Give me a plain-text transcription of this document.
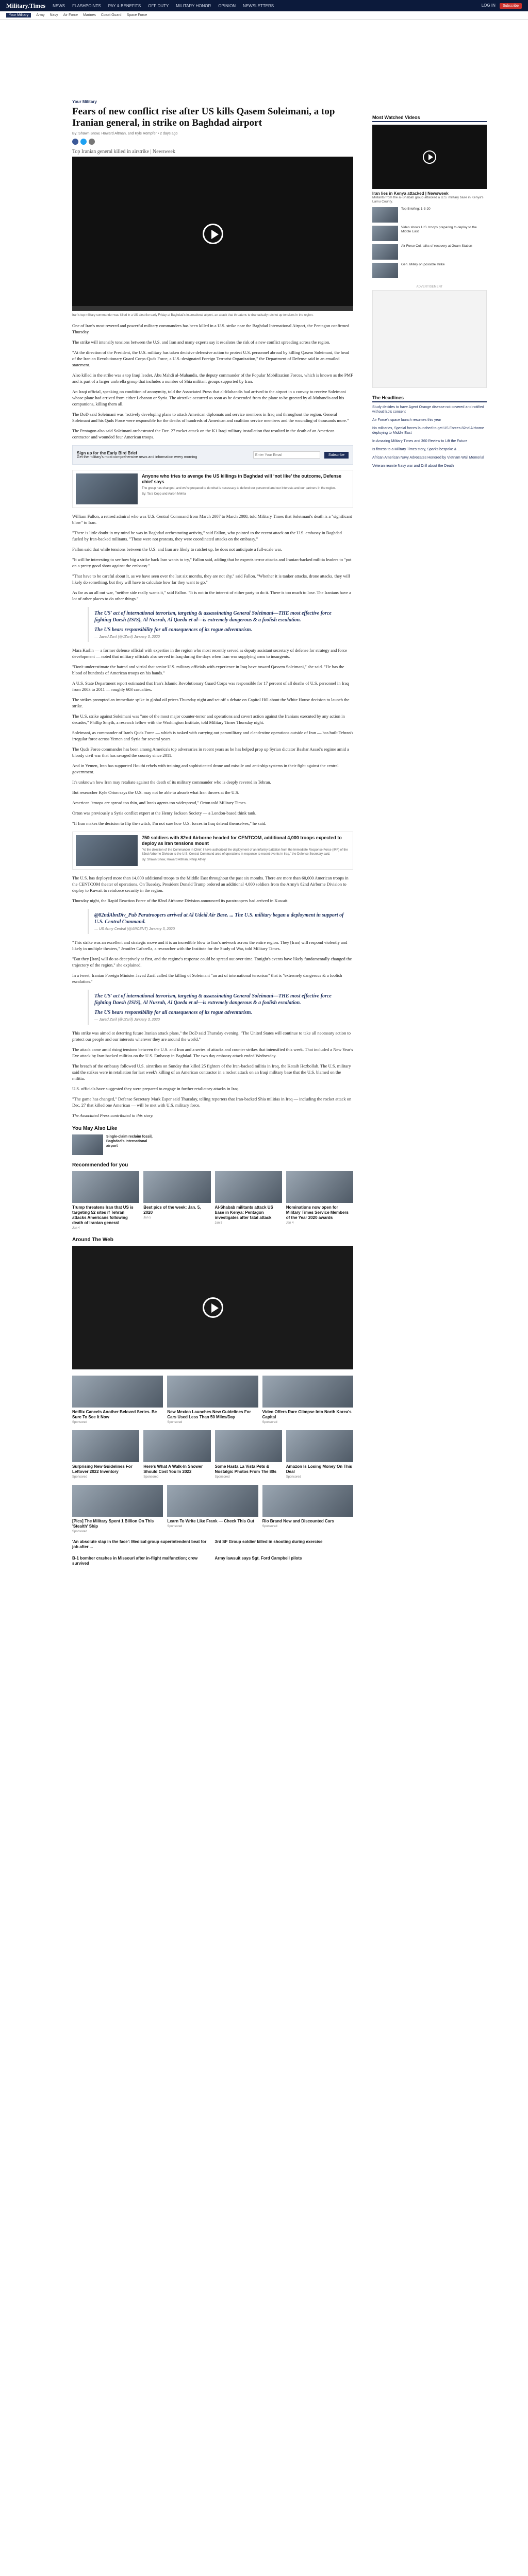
Military.Times NEWS FLASHPOINTS PAY & BENEFITS OFF DUTY MILITARY HONOR OPINION NEWSLETTERS	LOG IN	Subscribe
Your Military	Army Navy Air Force Marines Coast Guard Space Force
Your Military
Fears of new conflict rise after US kills Qasem Soleimani, a top Iranian general, in strike on Baghdad airport
By: Shawn Snow, Howard Altman, and Kyle Rempfer • 2 days ago
Top Iranian general killed in airstrike | Newsweek
Iran's top military commander was killed in a US airstrike early Friday at Baghdad's international airport, an attack that threatens to dramatically ratchet up tensions in the region.

One of Iran's most revered and powerful military commanders has been killed in a U.S. strike near the Baghdad International Airport, the Pentagon confirmed Thursday.

The strike will intensify tensions between the U.S. and Iran and many experts say it escalates the risk of a new conflict spreading across the region.

"At the direction of the President, the U.S. military has taken decisive defensive action to protect U.S. personnel abroad by killing Qasem Soleimani, the head of the Iranian Revolutionary Guard Corps-Quds Force, a U.S.-designated Foreign Terrorist Organization," the Department of Defense said in an emailed statement.

Also killed in the strike was a top Iraqi leader, Abu Mahdi al-Muhandis, the deputy commander of the Popular Mobilization Forces, which is known as the PMF and is part of a larger umbrella group that includes a number of Shia militant groups supported by Iran.

An Iraqi official, speaking on condition of anonymity, told the Associated Press that al-Muhandis had arrived to the airport in a convoy to receive Soleimani whose plane had arrived from either Lebanon or Syria. The airstrike occurred as soon as he descended from the plane to be greeted by al-Muhandis and his companions, killing them all.

The DoD said Soleimani was "actively developing plans to attack American diplomats and service members in Iraq and throughout the region. General Soleimani and his Quds Force were responsible for the deaths of hundreds of American and coalition service members and the wounding of thousands more."

The Pentagon also said Soleimani orchestrated the Dec. 27 rocket attack on the K1 Iraqi military installation that resulted in the death of an American contractor and wounded four American troops.

Sign up for the Early Bird Brief
Get the military's most comprehensive news and information every morning
Enter Your Email
Subscribe
Anyone who tries to avenge the US killings in Baghdad will ‘not like’ the outcome, Defense chief says
The group has changed, and we're prepared to do what is necessary to defend our personnel and our interests and our partners in the region.
By: Tara Copp and Aaron Mehta

William Fallon, a retired admiral who was U.S. Central Command from March 2007 to March 2008, told Military Times that Soleimani's death is a "significant blow" to Iran.

"There is little doubt in my mind he was in Baghdad orchestrating activity," said Fallon, who pointed to the recent attack on the U.S. embassy in Baghdad fueled by Iran-backed militants. "Those were not protests, they were coordinated attacks on the embassy."

Fallon said that while tensions between the U.S. and Iran are likely to ratchet up, he does not anticipate a full-scale war.

"It will be interesting to see how big a strike back Iran wants to try," Fallon said, adding that he expects terror attacks and Iranian-backed militia leaders to "put on a pretty good show against the embassy."

"That have to be careful about it, as we have seen over the last six months, they are not shy," said Fallon. "Whether it is tanker attacks, drone attacks, they will likely do something, but they will have to calculate how far they want to go."

As far as an all out war, "neither side really wants it," said Fallon. "It is not in the interest of either party to do it. There is too much to lose. The Iranians have a lot of other places to do other things."

The US' act of international terrorism, targeting & assassinating General Soleimani—THE most effective force fighting Daesh (ISIS), Al Nusrah, Al Qaeda et al—is extremely dangerous & a foolish escalation.
The US bears responsibility for all consequences of its rogue adventurism.
— Javad Zarif (@JZarif) January 3, 2020

Mara Karlin — a former defense official with expertise in the region who most recently served as deputy assistant secretary of defense for strategy and force development — noted that military officials also served in Iraq during the days when Iran was supplying arms to insurgents.

"Don't underestimate the hatred and vitriol that senior U.S. military officials with experience in Iraq have toward Qassem Soleimani," she said. "He has the blood of hundreds of American troops on his hands."

A U.S. State Department report estimated that Iran's Islamic Revolutionary Guard Corps was responsible for 17 percent of all deaths of U.S. personnel in Iraq from 2003 to 2011 — roughly 603 casualties.

The strikes prompted an immediate spike in global oil prices Thursday night and set off a debate on Capitol Hill about the White House decision to launch the strike.

The U.S. strike against Soleimani was "one of the most major counter-terror and operations and covert action against the Iranians executed by any action in decades," Phillip Smyth, a research fellow with the Washington Institute, told Military Times Thursday night.

Soleimani, as commander of Iran's Quds Force — which is tasked with carrying out paramilitary and clandestine operations outside of Iran — has built Tehran's irregular force across Yemen and Syria for several years.

The Quds Force commander has been among America's top adversaries in recent years as he has helped prop up Syrian dictator Bashar Assad's regime amid a bloody civil war that has ravaged the country since 2011.

And in Yemen, Iran has supported Houthi rebels with training and sophisticated drone and missile and anti-ship systems in their fight against the central government.

It's unknown how Iran may retaliate against the death of its military commander who is deeply revered in Tehran.

But researcher Kyle Orton says the U.S. may not be able to absorb what Iran throws at the U.S.

American "troops are spread too thin, and Iran's agents too widespread," Orton told Military Times.

Orton was previously a Syria conflict expert at the Henry Jackson Society — a London-based think tank.

"If Iran makes the decision to flip the switch, I'm not sure how U.S. forces in Iraq defend themselves," he said.

750 soldiers with 82nd Airborne headed for CENTCOM, additional 4,000 troops expected to deploy as Iran tensions mount
"At the direction of the Commander in Chief, I have authorized the deployment of an Infantry battalion from the Immediate Response Force (IRF) of the 82nd Airborne Division to the U.S. Central Command area of operations in response to recent events in Iraq," the Defense Secretary said.
By: Shawn Snow, Howard Altman, Philip Athey

The U.S. has deployed more than 14,000 additional troops to the Middle East throughout the past six months. There are more than 60,000 American troops in the CENTCOM theater of operations. On Tuesday, President Donald Trump ordered an additional 4,000 soldiers from the Army's 82nd Airborne Division to deploy to Kuwait to reinforce security in the region.

Thursday night, the Rapid Reaction Force of the 82nd Airborne Division announced its paratroopers had arrived in Kuwait.

@82ndAbnDiv_Pub Paratroopers arrived at Al Udeid Air Base. ... The U.S. military began a deployment in support of U.S. Central Command.
— US Army Central (@ARCENT) January 3, 2020

"This strike was an excellent and strategic move and it is an incredible blow to Iran's network across the entire region. They [Iran] will respond violently and likely in multiple theaters," Jennifer Cafarella, a researcher with the Institute for the Study of War, told Military Times.

"But they [Iran] will do so deceptively at first, and the regime's response could be spread out over time. Tonight's events have likely fundamentally changed the trajectory of the region," she explained.

In a tweet, Iranian Foreign Minister Javad Zarif called the killing of Soleimani "an act of international terrorism" that is "extremely dangerous & a foolish escalation."

The US' act of international terrorism, targeting & assassinating General Soleimani—THE most effective force fighting Daesh (ISIS), Al Nusrah, Al Qaeda et al—is extremely dangerous & a foolish escalation.
The US bears responsibility for all consequences of its rogue adventurism.
— Javad Zarif (@JZarif) January 3, 2020

This strike was aimed at deterring future Iranian attack plans," the DoD said Thursday evening. "The United States will continue to take all necessary action to protect our people and our interests wherever they are around the world."

The attack came amid rising tensions between the U.S. and Iran and a series of attacks and counter strikes that intensified this week. That included a New Year's Eve attack by Iran-backed militias on the U.S. Embassy in Baghdad. The two day embassy attack ended Wednesday.

The breach of the embassy followed U.S. airstrikes on Sunday that killed 25 fighters of the Iran-backed militia in Iraq, the Kataib Hezbollah. The U.S. military said the strikes were in retaliation for last week's killing of an American contractor in a rocket attack on an Iraqi military base that the U.S. blamed on the militia.

U.S. officials have suggested they were prepared to engage in further retaliatory attacks in Iraq.

"The game has changed," Defense Secretary Mark Esper said Thursday, telling reporters that Iran-backed Shia militias in Iraq — including the rocket attack on Dec. 27 that killed one American — will be met with U.S. military force.

The Associated Press contributed to this story.

You May Also Like
Single-claim reclaim fossil, Baghdad's international airport
Recommended for you
Trump threatens Iran that US is targeting 52 sites if Tehran attacks Americans following death of Iranian general
Jan 4
Best pics of the week: Jan. 5, 2020
Jan 5
Al-Shabab militants attack US base in Kenya: Pentagon investigates after fatal attack
Jan 5
Nominations now open for Military Times Service Members of the Year 2020 awards
Jan 4
Around The Web
Netflix Cancels Another Beloved Series. Be Sure To See It Now
Sponsored
New Mexico Launches New Guidelines For Cars Used Less Than 50 Miles/Day
Sponsored
Video Offers Rare Glimpse Into North Korea's Capital
Sponsored
Surprising New Guidelines For Leftover 2022 Inventory
Sponsored
Here's What A Walk-In Shower Should Cost You In 2022
Sponsored
Some Hasta La Vista Pets & Nostalgic Photos From The 80s
Sponsored
Amazon Is Losing Money On This Deal
Sponsored
[Pics] The Military Spent 1 Billion On This 'Stealth' Ship
Sponsored
Learn To Write Like Frank — Check This Out
Sponsored
Rio Brand New and Discounted Cars
Sponsored
'An absolute slap in the face': Medical group superintendent beat for job after ...
3rd SF Group soldier killed in shooting during exercise
B-1 bomber crashes in Missouri after in-flight malfunction; crew survived
Army lawsuit says Sgt. Ford Campbell pilots
Most Watched Videos
Iran lies in Kenya attacked | Newsweek
Militants from the al-Shabab group attacked a U.S. military base in Kenya's Lamu County.
Top Briefing: 1-3-20
Video shows U.S. troops preparing to deploy to the Middle East
Air Force Col. talks of recovery at Guam Station
Gen. Milley on possible strike
ADVERTISEMENT
The Headlines

Study decides to have Agent Orange disease not covered and notified without lab's consent

Air Force's space launch resumes this year

No militaries, Special forces launched to get US Forces 82nd Airborne deploying to Middle East

In Amazing Military Times and 360 Review to Lift the Future

Is fitness to a Military Times story, Sparks bespoke & ...

African American Navy Advocates Honored by Vietnam Wall Memorial

Veteran reunite Navy war and Drill about the Death
